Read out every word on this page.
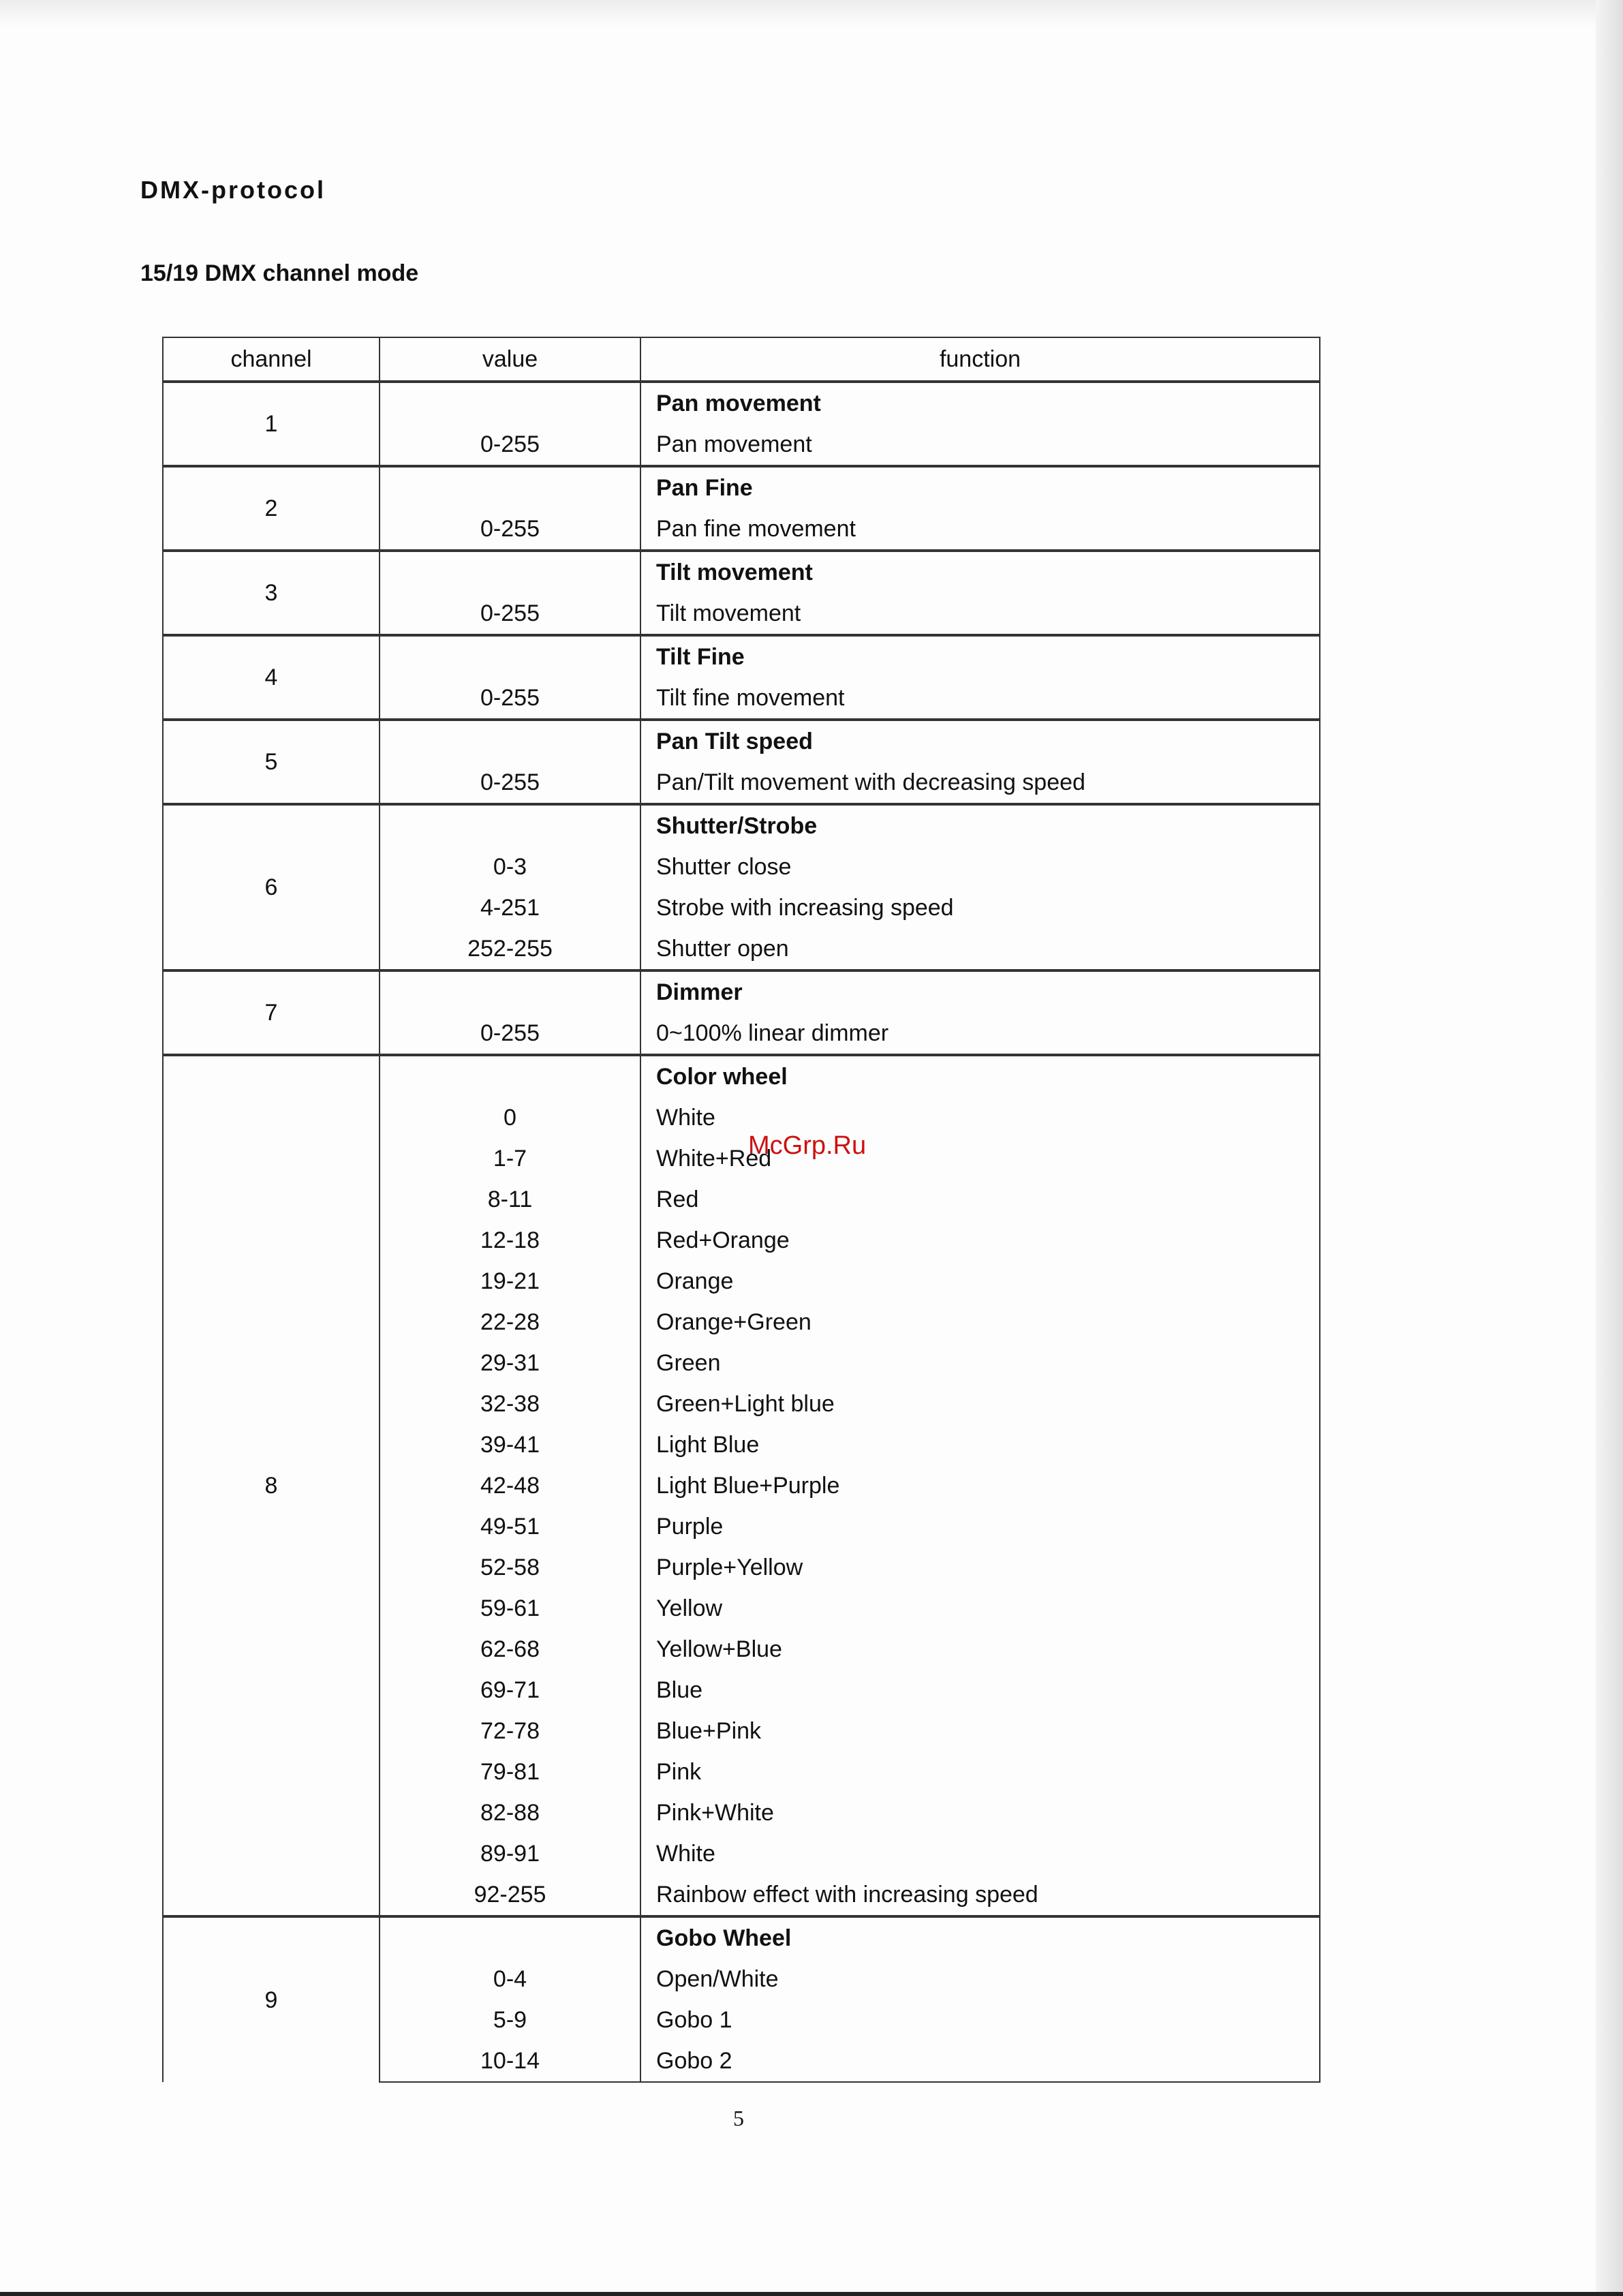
DMX-protocol
15/19 DMX channel mode
channel	value	function
1		Pan movement
	0-255	Pan movement
2		Pan Fine
	0-255	Pan fine movement
3		Tilt movement
	0-255	Tilt movement
4		Tilt Fine
	0-255	Tilt fine movement
5		Pan Tilt speed
	0-255	Pan/Tilt movement with decreasing speed
6		Shutter/Strobe
	0-3	Shutter close
	4-251	Strobe with increasing speed
	252-255	Shutter open
7		Dimmer
	0-255	0~100% linear dimmer
8		Color wheel
	0	White
	1-7	White+Red
	8-11	Red
	12-18	Red+Orange
	19-21	Orange
	22-28	Orange+Green
	29-31	Green
	32-38	Green+Light blue
	39-41	Light Blue
	42-48	Light Blue+Purple
	49-51	Purple
	52-58	Purple+Yellow
	59-61	Yellow
	62-68	Yellow+Blue
	69-71	Blue
	72-78	Blue+Pink
	79-81	Pink
	82-88	Pink+White
	89-91	White
	92-255	Rainbow effect with increasing speed
9		Gobo Wheel
	0-4	Open/White
	5-9	Gobo 1
	10-14	Gobo 2
McGrp.Ru
5
